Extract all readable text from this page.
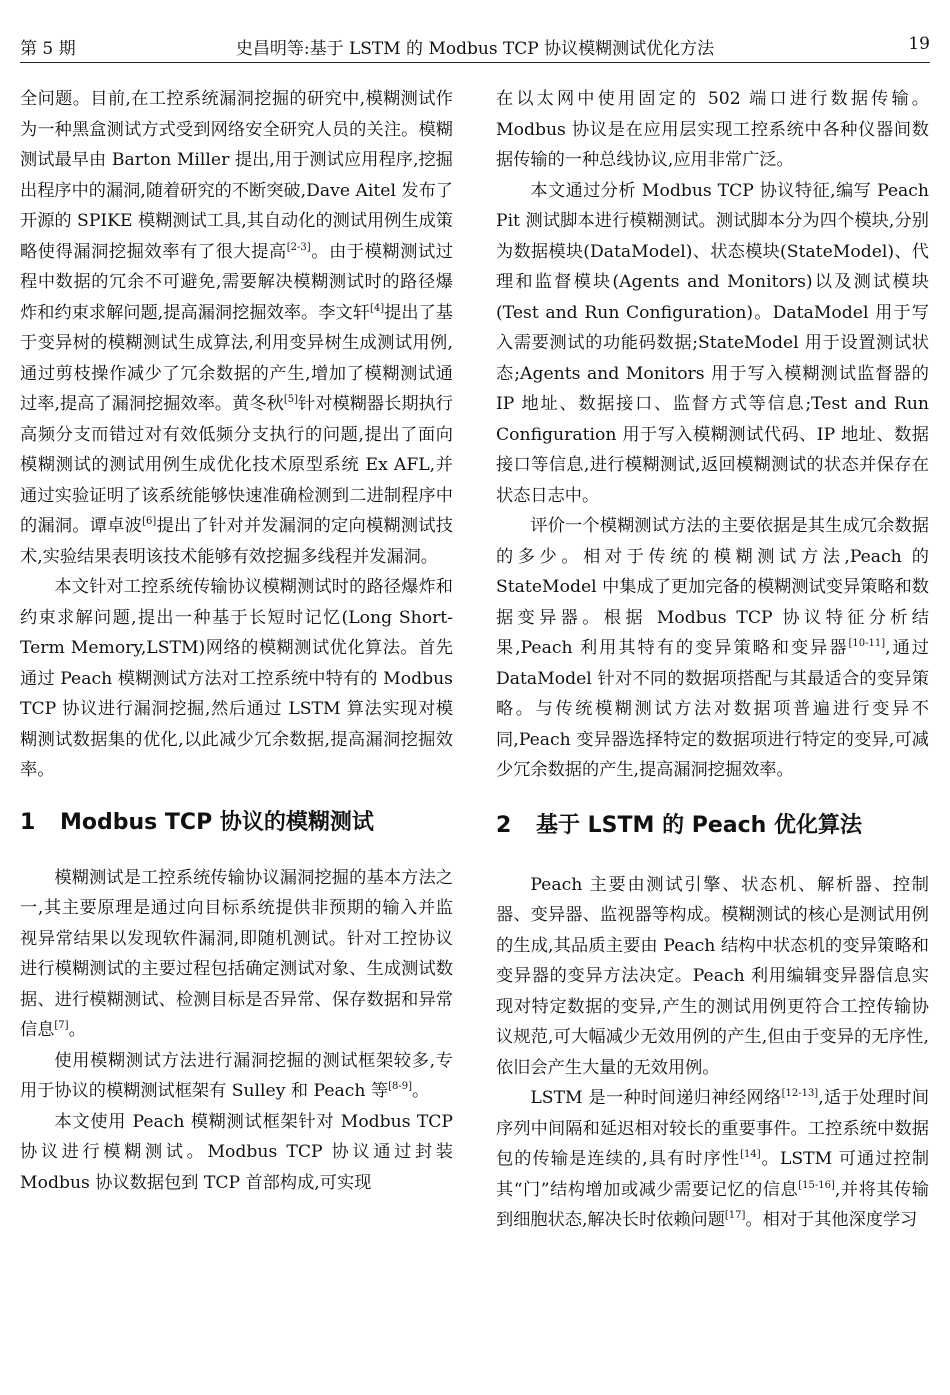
第 5 期	史昌明等:基于 LSTM 的 Modbus TCP 协议模糊测试优化方法	19

全问题。目前,在工控系统漏洞挖掘的研究中,模糊测试作为一种黑盒测试方式受到网络安全研究人员的关注。模糊测试最早由 Barton Miller 提出,用于测试应用程序,挖掘出程序中的漏洞,随着研究的不断突破,Dave Aitel 发布了开源的 SPIKE 模糊测试工具,其自动化的测试用例生成策略使得漏洞挖掘效率有了很大提高[2-3]。由于模糊测试过程中数据的冗余不可避免,需要解决模糊测试时的路径爆炸和约束求解问题,提高漏洞挖掘效率。李文轩[4]提出了基于变异树的模糊测试生成算法,利用变异树生成测试用例,通过剪枝操作减少了冗余数据的产生,增加了模糊测试通过率,提高了漏洞挖掘效率。黄冬秋[5]针对模糊器长期执行高频分支而错过对有效低频分支执行的问题,提出了面向模糊测试的测试用例生成优化技术原型系统 Ex AFL,并通过实验证明了该系统能够快速准确检测到二进制程序中的漏洞。谭卓波[6]提出了针对并发漏洞的定向模糊测试技术,实验结果表明该技术能够有效挖掘多线程并发漏洞。

本文针对工控系统传输协议模糊测试时的路径爆炸和约束求解问题,提出一种基于长短时记忆(Long Short-Term Memory,LSTM)网络的模糊测试优化算法。首先通过 Peach 模糊测试方法对工控系统中特有的 Modbus TCP 协议进行漏洞挖掘,然后通过 LSTM 算法实现对模糊测试数据集的优化,以此减少冗余数据,提高漏洞挖掘效率。

1 Modbus TCP 协议的模糊测试

模糊测试是工控系统传输协议漏洞挖掘的基本方法之一,其主要原理是通过向目标系统提供非预期的输入并监视异常结果以发现软件漏洞,即随机测试。针对工控协议进行模糊测试的主要过程包括确定测试对象、生成测试数据、进行模糊测试、检测目标是否异常、保存数据和异常信息[7]。

使用模糊测试方法进行漏洞挖掘的测试框架较多,专用于协议的模糊测试框架有 Sulley 和 Peach 等[8-9]。

本文使用 Peach 模糊测试框架针对 Modbus TCP 协议进行模糊测试。Modbus TCP 协议通过封装 Modbus 协议数据包到 TCP 首部构成,可实现

在以太网中使用固定的 502 端口进行数据传输。Modbus 协议是在应用层实现工控系统中各种仪器间数据传输的一种总线协议,应用非常广泛。

本文通过分析 Modbus TCP 协议特征,编写 Peach Pit 测试脚本进行模糊测试。测试脚本分为四个模块,分别为数据模块(DataModel)、状态模块(StateModel)、代理和监督模块(Agents and Monitors)以及测试模块(Test and Run Configuration)。DataModel 用于写入需要测试的功能码数据;StateModel 用于设置测试状态;Agents and Monitors 用于写入模糊测试监督器的 IP 地址、数据接口、监督方式等信息;Test and Run Configuration 用于写入模糊测试代码、IP 地址、数据接口等信息,进行模糊测试,返回模糊测试的状态并保存在状态日志中。

评价一个模糊测试方法的主要依据是其生成冗余数据的多少。相对于传统的模糊测试方法,Peach 的 StateModel 中集成了更加完备的模糊测试变异策略和数据变异器。根据 Modbus TCP 协议特征分析结果,Peach 利用其特有的变异策略和变异器[10-11],通过 DataModel 针对不同的数据项搭配与其最适合的变异策略。与传统模糊测试方法对数据项普遍进行变异不同,Peach 变异器选择特定的数据项进行特定的变异,可减少冗余数据的产生,提高漏洞挖掘效率。

2 基于 LSTM 的 Peach 优化算法

Peach 主要由测试引擎、状态机、解析器、控制器、变异器、监视器等构成。模糊测试的核心是测试用例的生成,其品质主要由 Peach 结构中状态机的变异策略和变异器的变异方法决定。Peach 利用编辑变异器信息实现对特定数据的变异,产生的测试用例更符合工控传输协议规范,可大幅减少无效用例的产生,但由于变异的无序性,依旧会产生大量的无效用例。

LSTM 是一种时间递归神经网络[12-13],适于处理时间序列中间隔和延迟相对较长的重要事件。工控系统中数据包的传输是连续的,具有时序性[14]。LSTM 可通过控制其“门”结构增加或减少需要记忆的信息[15-16],并将其传输到细胞状态,解决长时依赖问题[17]。相对于其他深度学习
